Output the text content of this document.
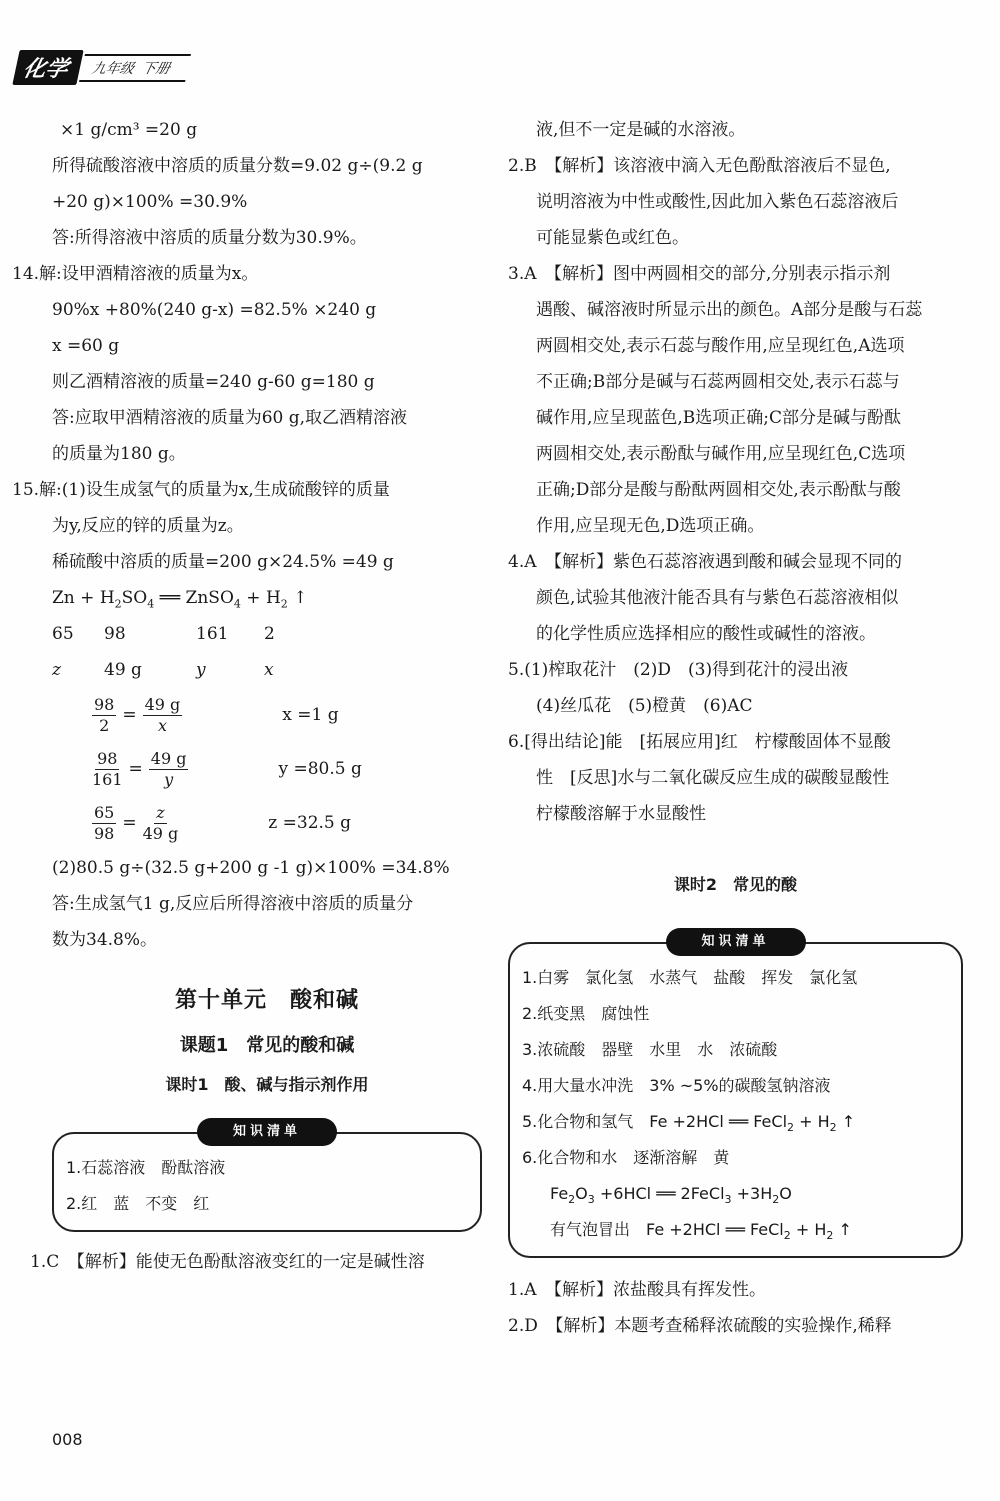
化学	九年级 下册
×1 g/cm³ =20 g
所得硫酸溶液中溶质的质量分数=9.02 g÷(9.2 g
+20 g)×100% =30.9%
答:所得溶液中溶质的质量分数为30.9%。
14.解:设甲酒精溶液的质量为x。
90%x +80%(240 g-x) =82.5% ×240 g
x =60 g
则乙酒精溶液的质量=240 g-60 g=180 g
答:应取甲酒精溶液的质量为60 g,取乙酒精溶液
的质量为180 g。
15.解:(1)设生成氢气的质量为x,生成硫酸锌的质量
为y,反应的锌的质量为z。
稀硫酸中溶质的质量=200 g×24.5% =49 g
$Zn + H_2SO_4$ ══ ZnSO$_4$ + $H_2$ ↑
65 98	161 2
z	49 g	y	x
$\frac{98}{2} = \frac{49 g}{x}$	x =1 g
$\frac{98}{161} = \frac{49 g}{y}$	y =80.5 g
$\frac{65}{98} = \frac{z}{49 g}$	z =32.5 g
(2)80.5 g÷(32.5 g+200 g -1 g)×100% =34.8%
答:生成氢气1 g,反应后所得溶液中溶质的质量分
数为34.8%。
第十单元　酸和碱
课题1　常见的酸和碱
课时1　酸、碱与指示剂作用
知识清单
1.石蕊溶液　酚酞溶液
2.红　蓝　不变　红
1.C　【解析】能使无色酚酞溶液变红的一定是碱性溶
液,但不一定是碱的水溶液。
2.B　【解析】该溶液中滴入无色酚酞溶液后不显色,
说明溶液为中性或酸性,因此加入紫色石蕊溶液后
可能显紫色或红色。
3.A　【解析】图中两圆相交的部分,分别表示指示剂
遇酸、碱溶液时所显示出的颜色。A部分是酸与石蕊
两圆相交处,表示石蕊与酸作用,应呈现红色,A选项
不正确;B部分是碱与石蕊两圆相交处,表示石蕊与
碱作用,应呈现蓝色,B选项正确;C部分是碱与酚酞
两圆相交处,表示酚酞与碱作用,应呈现红色,C选项
正确;D部分是酸与酚酞两圆相交处,表示酚酞与酸
作用,应呈现无色,D选项正确。
4.A　【解析】紫色石蕊溶液遇到酸和碱会显现不同的
颜色,试验其他液汁能否具有与紫色石蕊溶液相似
的化学性质应选择相应的酸性或碱性的溶液。
5.(1)榨取花汁　(2)D　(3)得到花汁的浸出液
(4)丝瓜花　(5)橙黄　(6)AC
6.[得出结论]能　[拓展应用]红　柠檬酸固体不显酸
性　[反思]水与二氧化碳反应生成的碳酸显酸性
柠檬酸溶解于水显酸性
课时2　常见的酸
知识清单
1.白雾　氯化氢　水蒸气　盐酸　挥发　氯化氢
2.纸变黑　腐蚀性
3.浓硫酸　器壁　水里　水　浓硫酸
4.用大量水冲洗　3% ~5%的碳酸氢钠溶液
5.化合物和氢气　Fe +2HCl ══ FeCl$_2$ + $H_2$ ↑
6.化合物和水　逐渐溶解　黄
$Fe_2O_3 +6HCl$ ══ 2FeCl$_3$ $+3H_2O$
有气泡冒出　Fe +2HCl ══ FeCl$_2$ + $H_2$ ↑
1.A　【解析】浓盐酸具有挥发性。
2.D　【解析】本题考查稀释浓硫酸的实验操作,稀释
008
